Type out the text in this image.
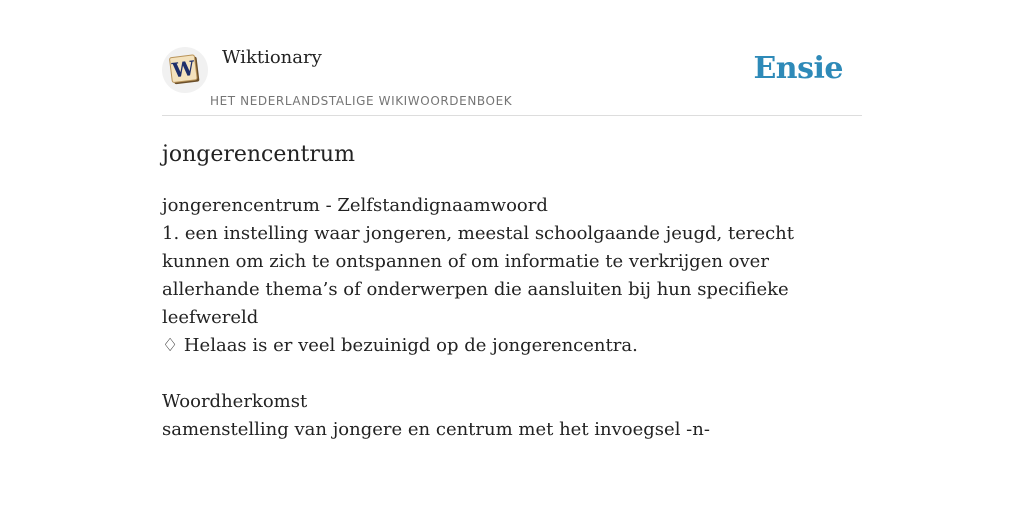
W Wiktionary
HET NEDERLANDSTALIGE WIKIWOORDENBOEK
Ensie
jongerencentrum

jongerencentrum - Zelfstandignaamwoord

1. een instelling waar jongeren, meestal schoolgaande jeugd, terecht kunnen om zich te ontspannen of om informatie te verkrijgen over allerhande thema’s of onderwerpen die aansluiten bij hun specifieke leefwereld

♢ Helaas is er veel bezuinigd op de jongerencentra.

Woordherkomst

samenstelling van jongere en centrum met het invoegsel -n-
